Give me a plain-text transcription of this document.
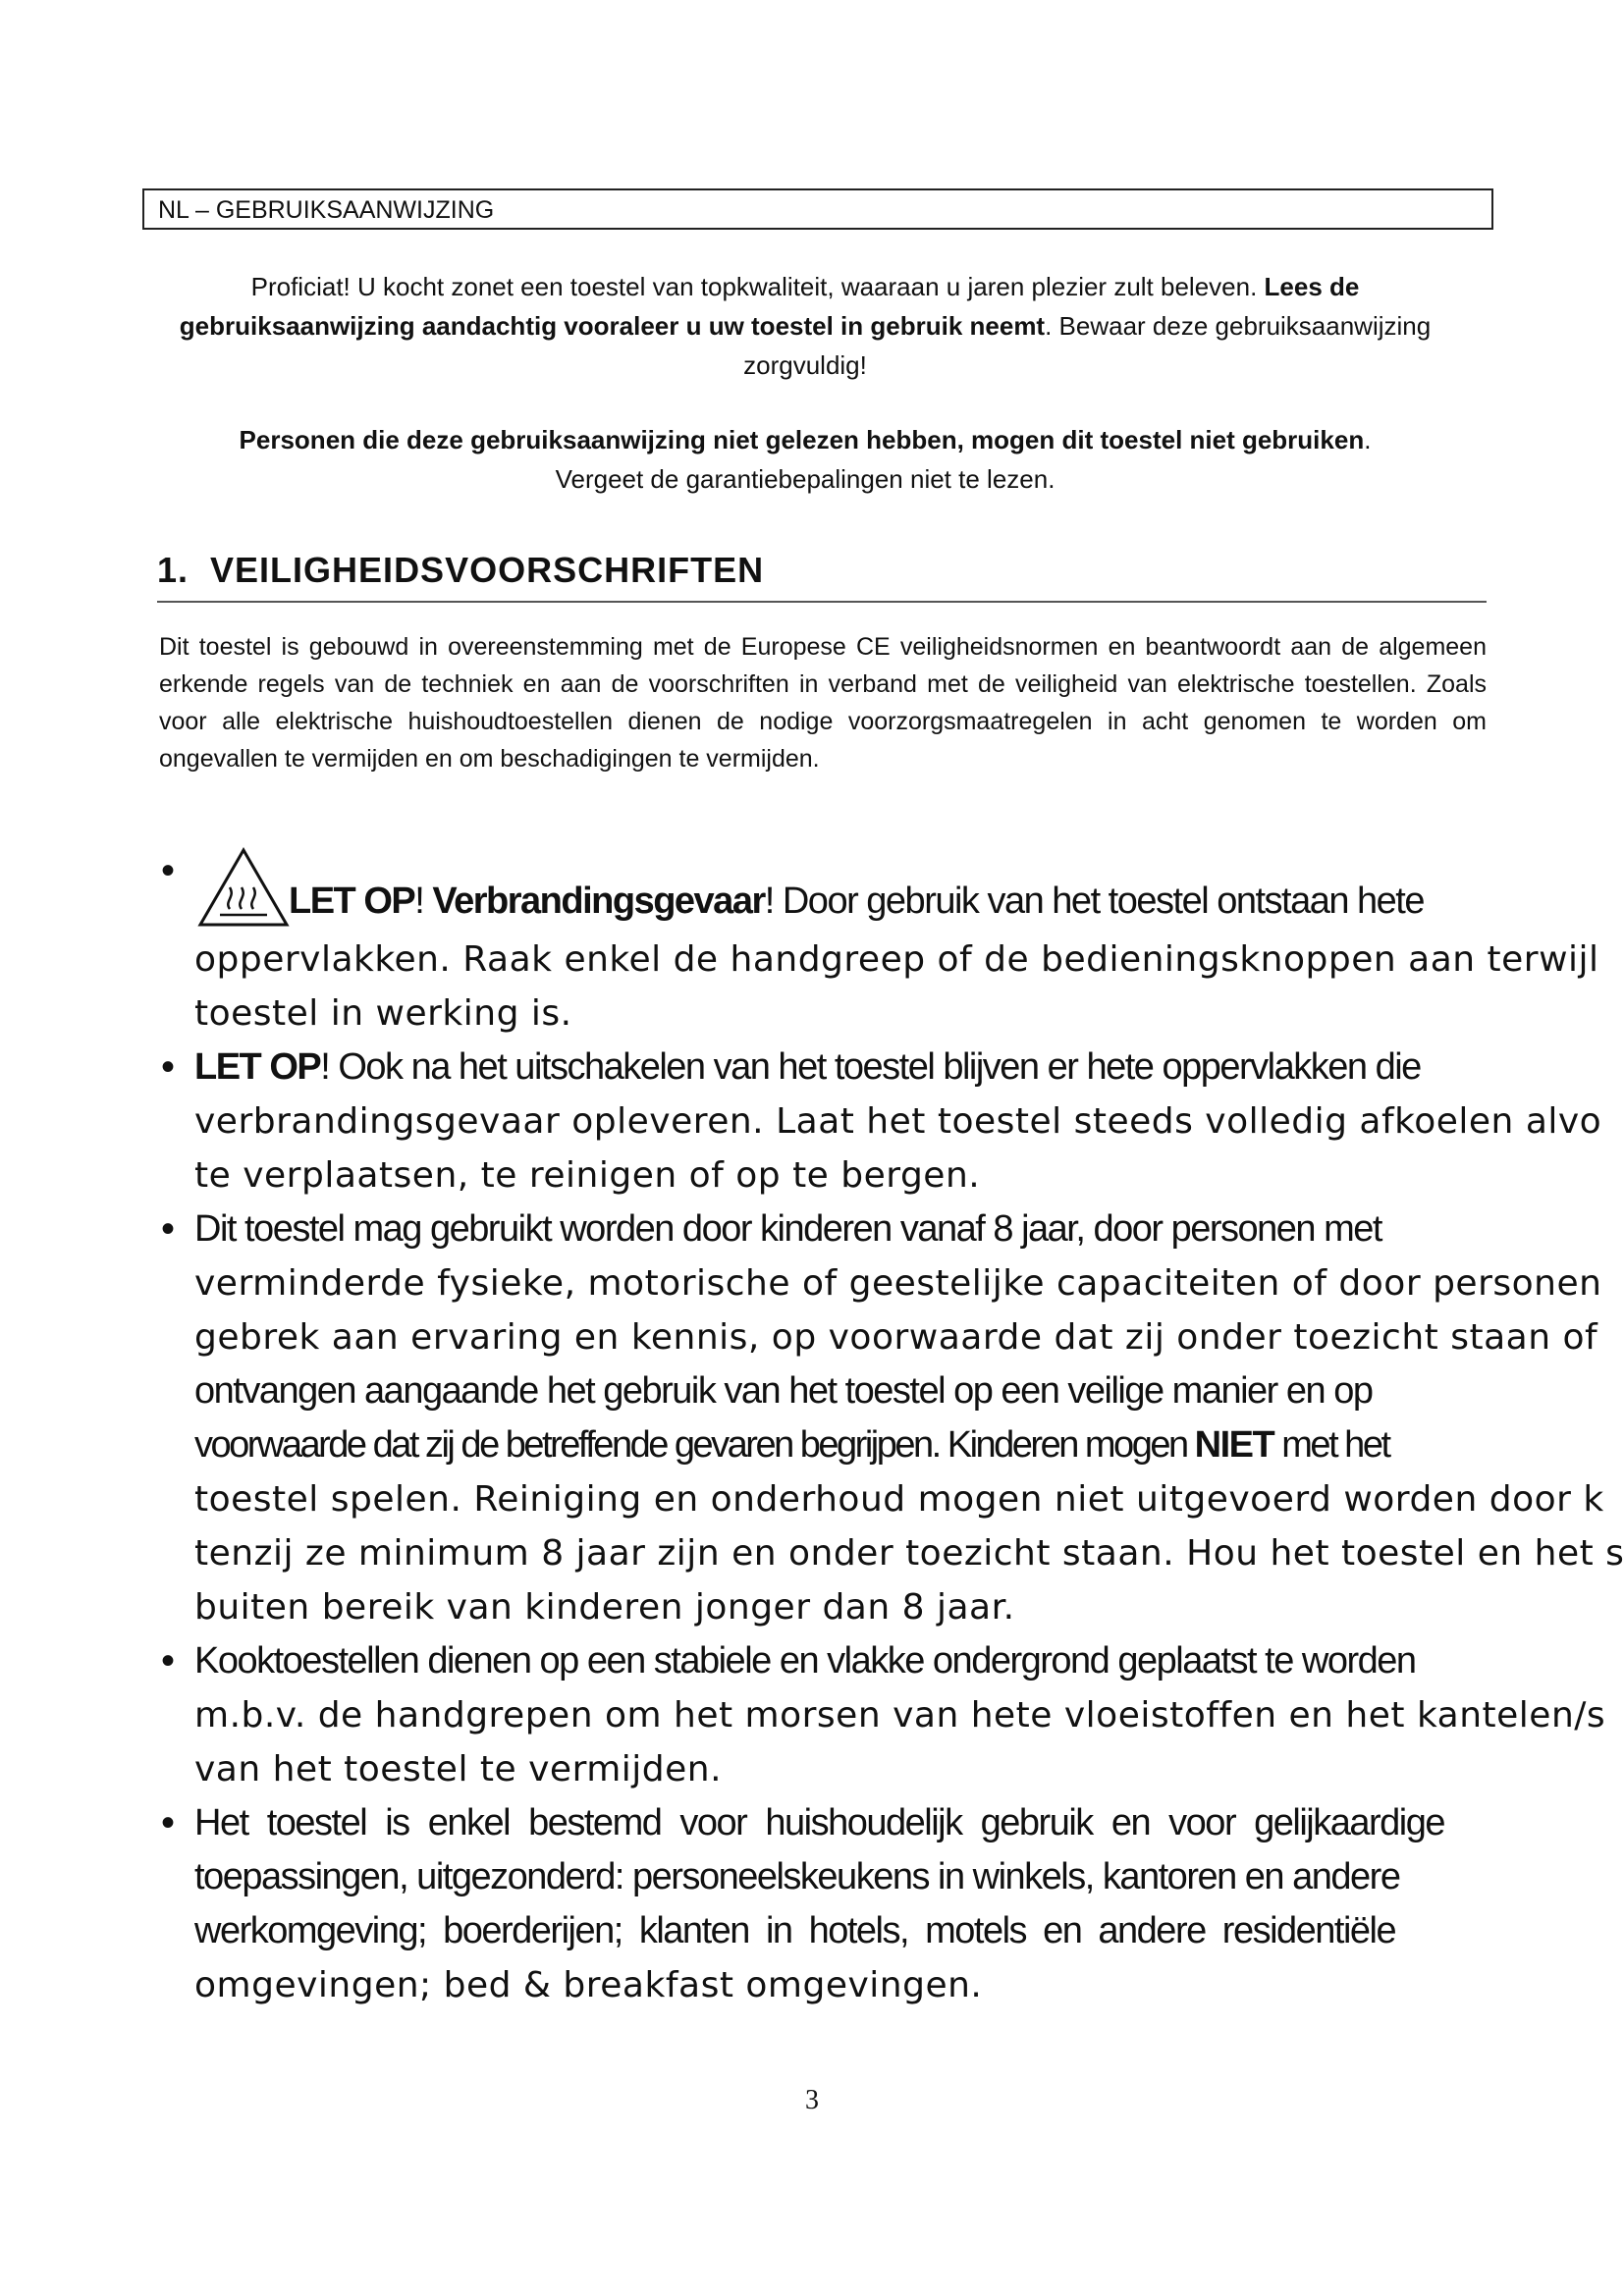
NL – GEBRUIKSAANWIJZING
Proficiat! U kocht zonet een toestel van topkwaliteit, waaraan u jaren plezier zult beleven. Lees de gebruiksaanwijzing aandachtig vooraleer u uw toestel in gebruik neemt. Bewaar deze gebruiksaanwijzing zorgvuldig!
Personen die deze gebruiksaanwijzing niet gelezen hebben, mogen dit toestel niet gebruiken.
Vergeet de garantiebepalingen niet te lezen.
1. VEILIGHEIDSVOORSCHRIFTEN
Dit toestel is gebouwd in overeenstemming met de Europese CE veiligheidsnormen en beantwoordt aan de algemeen erkende regels van de techniek en aan de voorschriften in verband met de veiligheid van elektrische toestellen. Zoals voor alle elektrische huishoudtoestellen dienen de nodige voorzorgsmaatregelen in acht genomen te worden om ongevallen te vermijden en om beschadigingen te vermijden.
•
LET OP! Verbrandingsgevaar! Door gebruik van het toestel ontstaan hete
oppervlakken. Raak enkel de handgreep of de bedieningsknoppen aan terwijl
toestel in werking is.
• LET OP! Ook na het uitschakelen van het toestel blijven er hete oppervlakken die
verbrandingsgevaar opleveren. Laat het toestel steeds volledig afkoelen alvo
te verplaatsen, te reinigen of op te bergen.
• Dit toestel mag gebruikt worden door kinderen vanaf 8 jaar, door personen met
verminderde fysieke, motorische of geestelijke capaciteiten of door personen
gebrek aan ervaring en kennis, op voorwaarde dat zij onder toezicht staan of
ontvangen aangaande het gebruik van het toestel op een veilige manier en op
voorwaarde dat zij de betreffende gevaren begrijpen. Kinderen mogen NIET met het
toestel spelen. Reiniging en onderhoud mogen niet uitgevoerd worden door k
tenzij ze minimum 8 jaar zijn en onder toezicht staan. Hou het toestel en het s
buiten bereik van kinderen jonger dan 8 jaar.
• Kooktoestellen dienen op een stabiele en vlakke ondergrond geplaatst te worden
m.b.v. de handgrepen om het morsen van hete vloeistoffen en het kantelen/s
van het toestel te vermijden.
• Het toestel is enkel bestemd voor huishoudelijk gebruik en voor gelijkaardige
toepassingen, uitgezonderd: personeelskeukens in winkels, kantoren en andere
werkomgeving; boerderijen; klanten in hotels, motels en andere residentiële
omgevingen; bed & breakfast omgevingen.
3
